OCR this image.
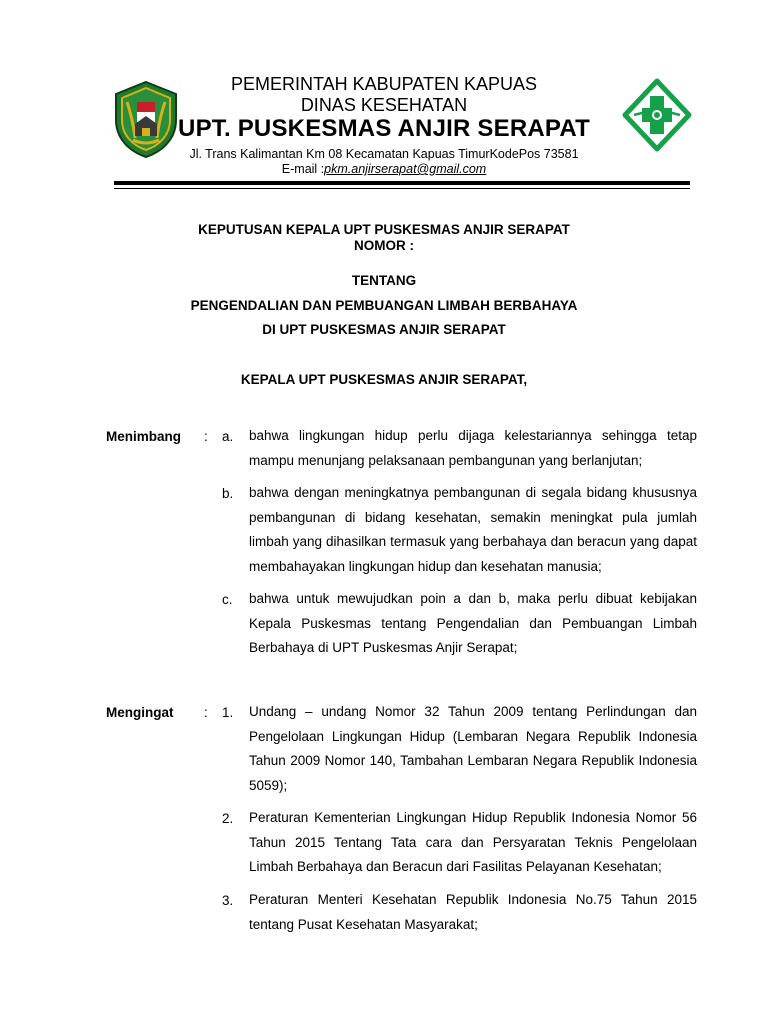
PEMERINTAH KABUPATEN KAPUAS
DINAS KESEHATAN
UPT. PUSKESMAS ANJIR SERAPAT
Jl. Trans Kalimantan Km 08 Kecamatan Kapuas TimurKodePos 73581
E-mail :pkm.anjirserapat@gmail.com
KEPUTUSAN KEPALA UPT PUSKESMAS ANJIR SERAPAT
NOMOR :
TENTANG
PENGENDALIAN DAN PEMBUANGAN LIMBAH BERBAHAYA
DI UPT PUSKESMAS ANJIR SERAPAT
KEPALA UPT PUSKESMAS ANJIR SERAPAT,
Menimbang : a. bahwa lingkungan hidup perlu dijaga kelestariannya sehingga tetap mampu menunjang pelaksanaan pembangunan yang berlanjutan;
b. bahwa dengan meningkatnya pembangunan di segala bidang khususnya pembangunan di bidang kesehatan, semakin meningkat pula jumlah limbah yang dihasilkan termasuk yang berbahaya dan beracun yang dapat membahayakan lingkungan hidup dan kesehatan manusia;
c. bahwa untuk mewujudkan poin a dan b, maka perlu dibuat kebijakan Kepala Puskesmas tentang Pengendalian dan Pembuangan Limbah Berbahaya di UPT Puskesmas Anjir Serapat;
Mengingat : 1. Undang – undang Nomor 32 Tahun 2009 tentang Perlindungan dan Pengelolaan Lingkungan Hidup (Lembaran Negara Republik Indonesia Tahun 2009 Nomor 140, Tambahan Lembaran Negara Republik Indonesia 5059);
2. Peraturan Kementerian Lingkungan Hidup Republik Indonesia Nomor 56 Tahun 2015 Tentang Tata cara dan Persyaratan Teknis Pengelolaan Limbah Berbahaya dan Beracun dari Fasilitas Pelayanan Kesehatan;
3. Peraturan Menteri Kesehatan Republik Indonesia No.75 Tahun 2015 tentang Pusat Kesehatan Masyarakat;
